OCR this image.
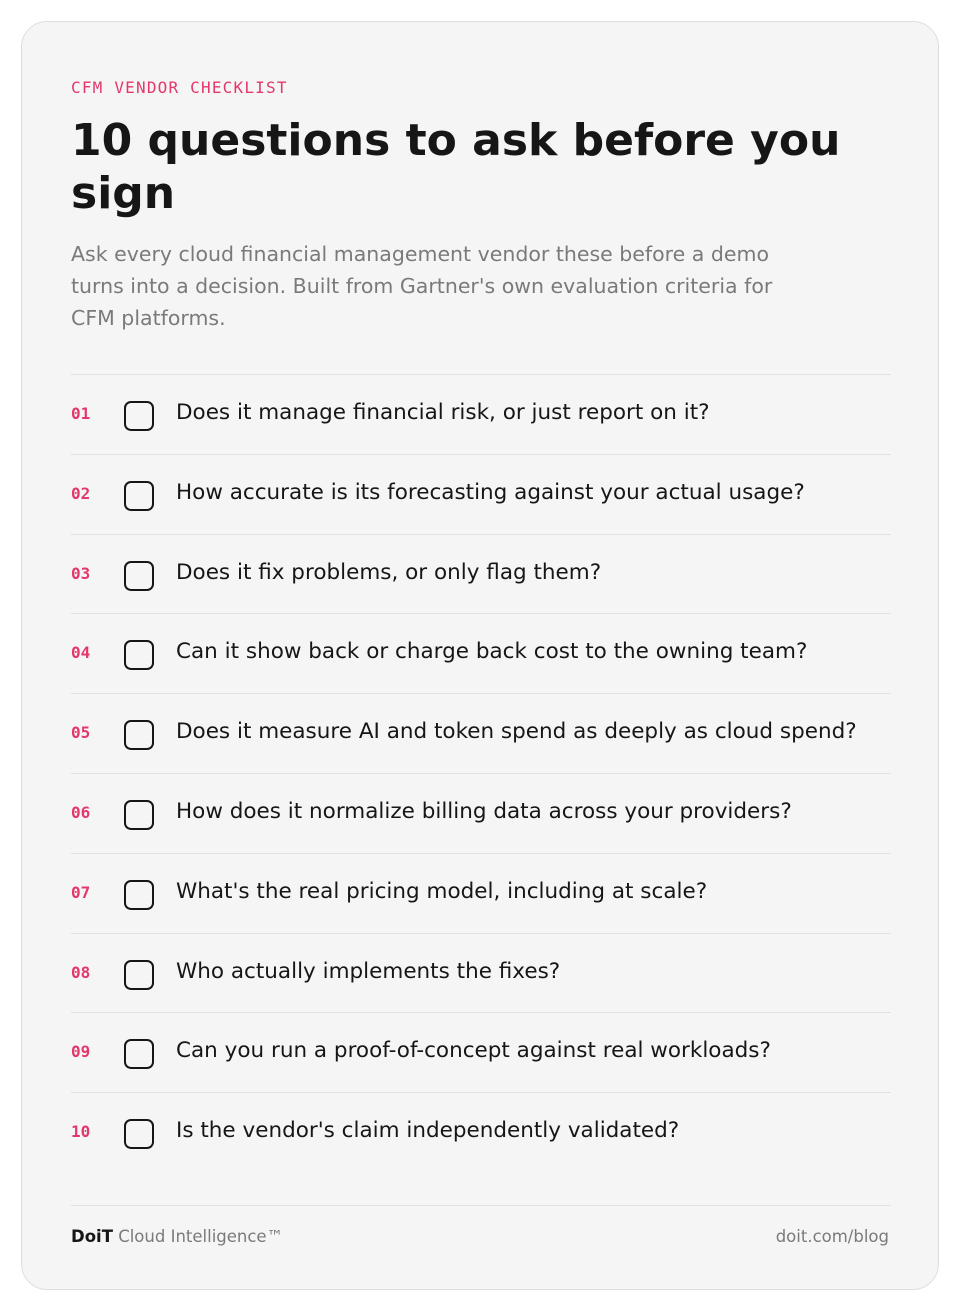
CFM VENDOR CHECKLIST
10 questions to ask before you sign

Ask every cloud financial management vendor these before a demo turns into a decision. Built from Gartner's own evaluation criteria for CFM platforms.

01	Does it manage financial risk, or just report on it?
02	How accurate is its forecasting against your actual usage?
03	Does it fix problems, or only flag them?
04	Can it show back or charge back cost to the owning team?
05	Does it measure AI and token spend as deeply as cloud spend?
06	How does it normalize billing data across your providers?
07	What's the real pricing model, including at scale?
08	Who actually implements the fixes?
09	Can you run a proof-of-concept against real workloads?
10	Is the vendor's claim independently validated?
DoiT Cloud Intelligence™	doit.com/blog
